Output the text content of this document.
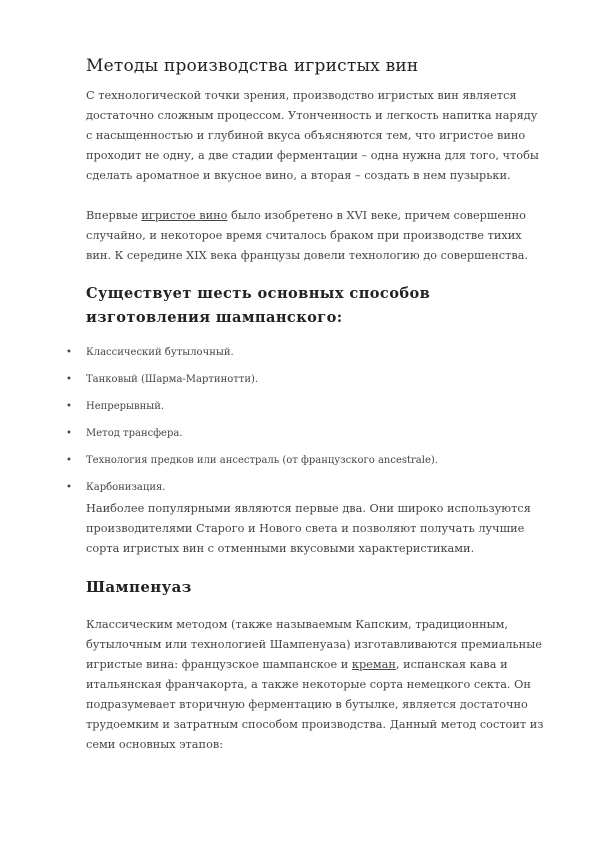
Методы производства игристых вин

С технологической точки зрения, производство игристых вин является достаточно сложным процессом. Утонченность и легкость напитка наряду с насыщенностью и глубиной вкуса объясняются тем, что игристое вино проходит не одну, а две стадии ферментации – одна нужна для того, чтобы сделать ароматное и вкусное вино, а вторая – создать в нем пузырьки.

Впервые игристое вино было изобретено в XVI веке, причем совершенно случайно, и некоторое время считалось браком при производстве тихих вин. К середине XIX века французы довели технологию до совершенства.

Существует шесть основных способов изготовления шампанского:
• Классический бутылочный.
• Танковый (Шарма-Мартинотти).
• Непрерывный.
• Метод трансфера.
• Технология предков или ансестраль (от французского ancestrale).
• Карбонизация.

Наиболее популярными являются первые два. Они широко используются производителями Старого и Нового света и позволяют получать лучшие сорта игристых вин с отменными вкусовыми характеристиками.

Шампенуаз

Классическим методом (также называемым Капским, традиционным, бутылочным или технологией Шампенуаза) изготавливаются премиальные игристые вина: французское шампанское и креман, испанская кава и итальянская франчакорта, а также некоторые сорта немецкого секта. Он подразумевает вторичную ферментацию в бутылке, является достаточно трудоемким и затратным способом производства. Данный метод состоит из семи основных этапов:
